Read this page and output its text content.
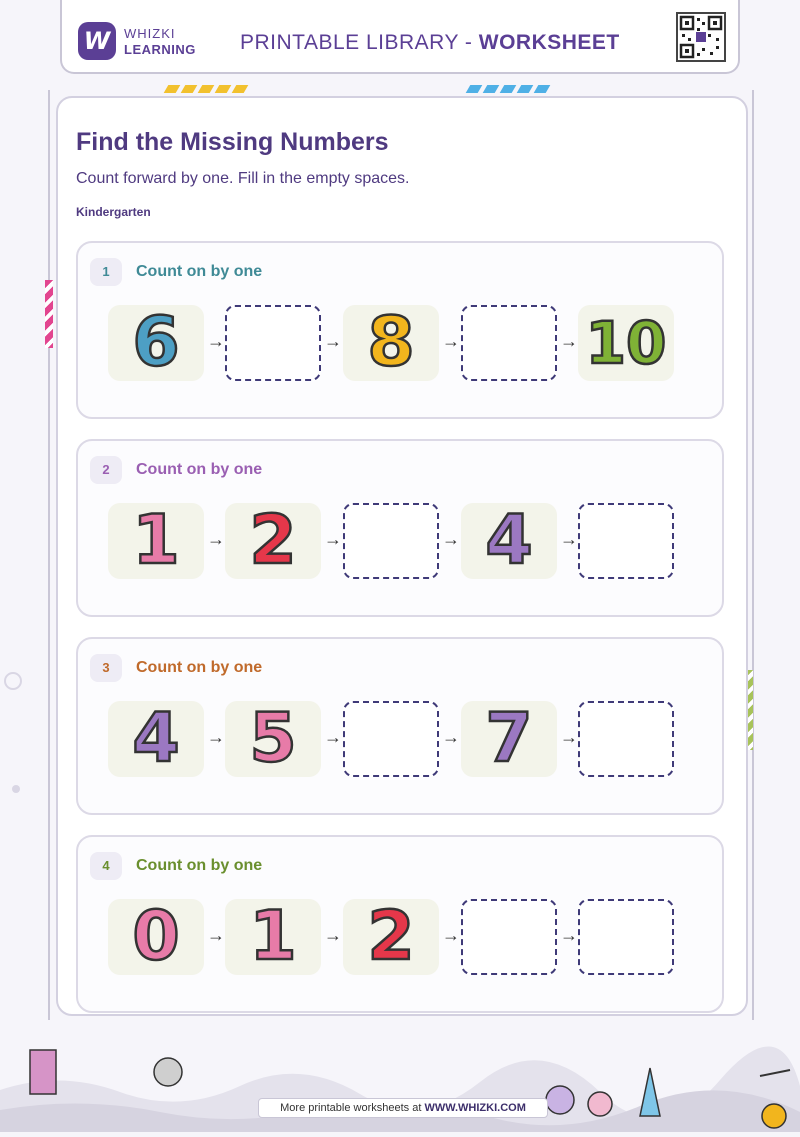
W	WHIZKI
LEARNING PRINTABLE LIBRARY - WORKSHEET
Find the Missing Numbers

Count forward by one. Fill in the empty spaces.

Kindergarten

1	Count on by one
6	→	→ 8	→	→ 10
2	Count on by one
1	→ 2	→	→ 4	→
3	Count on by one
4	→ 5	→	→ 7	→
4	Count on by one
0	→ 1	→ 2	→	→
More printable worksheets at WWW.WHIZKI.COM
